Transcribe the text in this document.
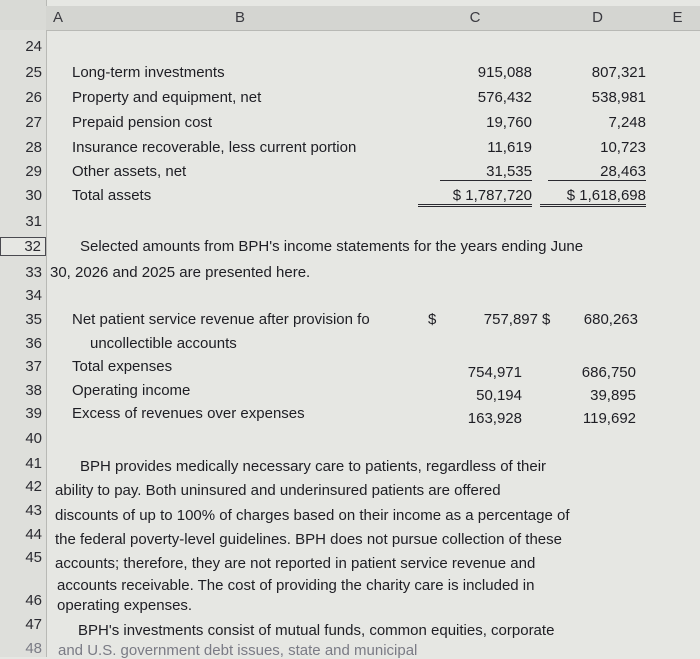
A	B	C	D	E
24
25 Long-term investments	915,088	807,321
26 Property and equipment, net	576,432	538,981
27 Prepaid pension cost	19,760	7,248
28 Insurance recoverable, less current portion	11,619	10,723
29 Other assets, net	31,535	28,463
30 Total assets	$ 1,787,720	$ 1,618,698
31
32	Selected amounts from BPH's income statements for the years ending June
33 30, 2026 and 2025 are presented here.
34
35 Net patient service revenue after provision fo	$	757,897 $	680,263
36	uncollectible accounts
37 Total expenses	754,971	686,750
38 Operating income	50,194	39,895
39 Excess of revenues over expenses	163,928	119,692
40
41	BPH provides medically necessary care to patients, regardless of their
42 ability to pay. Both uninsured and underinsured patients are offered
43 discounts of up to 100% of charges based on their income as a percentage of
44 the federal poverty-level guidelines. BPH does not pursue collection of these
45 accounts; therefore, they are not reported in patient service revenue and
accounts receivable. The cost of providing the charity care is included in
46 operating expenses.
47 BPH's investments consist of mutual funds, common equities, corporate
48 and U.S. government debt issues, state and municipal
